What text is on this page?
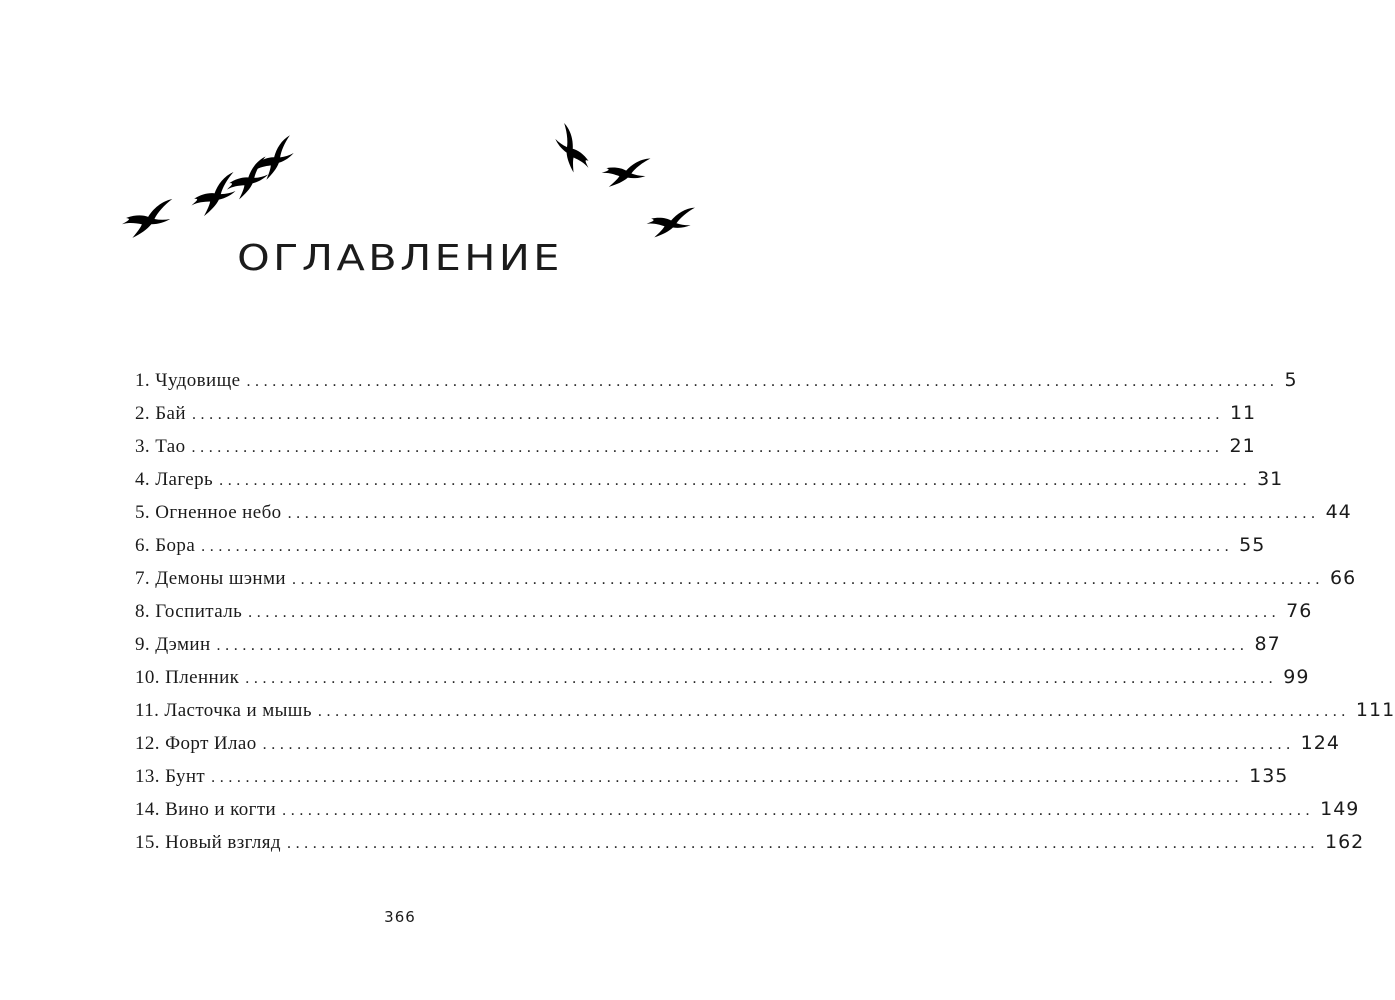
ОГЛАВЛЕНИЕ
1.
Чудовище ........................................................................................................................ 5
2.
Бай ........................................................................................................................ 11
3.
Тао ........................................................................................................................ 21
4.
Лагерь ........................................................................................................................ 31
5.
Огненное небо ........................................................................................................................ 44
6.
Бора ........................................................................................................................ 55
7.
Демоны шэнми ........................................................................................................................ 66
8.
Госпиталь ........................................................................................................................ 76
9.
Дэмин ........................................................................................................................ 87
10.
Пленник ........................................................................................................................ 99
11.
Ласточка и мышь ........................................................................................................................ 111
12.
Форт Илао ........................................................................................................................ 124
13.
Бунт ........................................................................................................................ 135
14.
Вино и когти ........................................................................................................................ 149
15.
Новый взгляд ........................................................................................................................ 162
366
